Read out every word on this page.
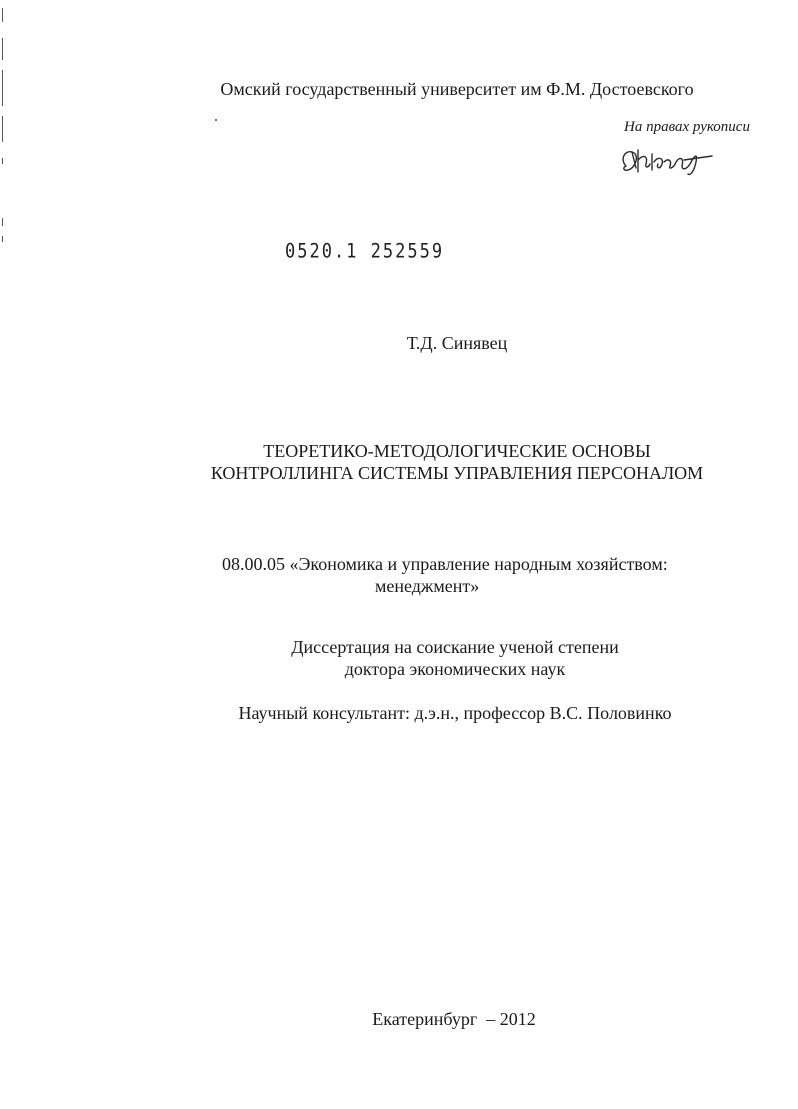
Омский государственный университет им Ф.М. Достоевского
На правах рукописи
0520.1 252559
Т.Д. Синявец
ТЕОРЕТИКО-МЕТОДОЛОГИЧЕСКИЕ ОСНОВЫ
КОНТРОЛЛИНГА СИСТЕМЫ УПРАВЛЕНИЯ ПЕРСОНАЛОМ
08.00.05 «Экономика и управление народным хозяйством:
менеджмент»
Диссертация на соискание ученой степени
доктора экономических наук
Научный консультант: д.э.н., профессор В.С. Половинко
Екатеринбург  – 2012
